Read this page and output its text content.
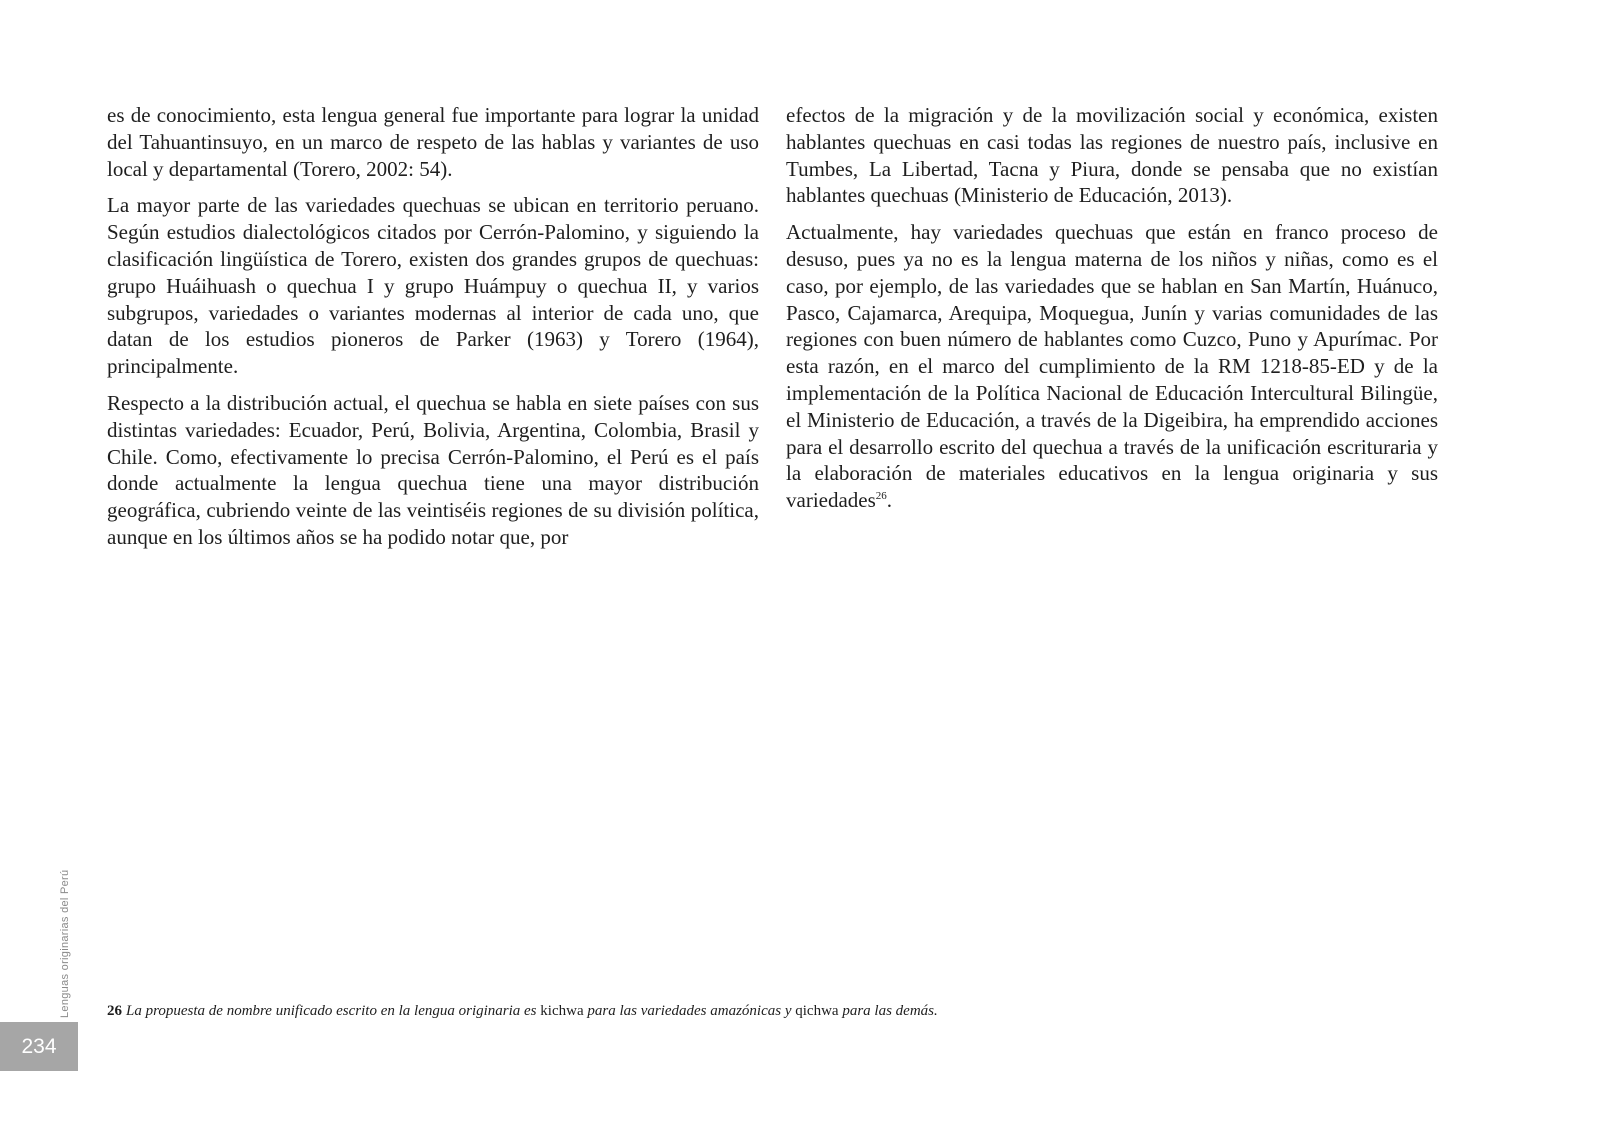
es de conocimiento, esta lengua general fue importante para lograr la unidad del Tahuantinsuyo, en un marco de respeto de las hablas y variantes de uso local y departamental (Torero, 2002: 54).

La mayor parte de las variedades quechuas se ubican en territorio peruano. Según estudios dialectológicos citados por Cerrón-Palomino, y siguiendo la clasificación lingüística de Torero, existen dos grandes grupos de quechuas: grupo Huáihuash o quechua I y grupo Huámpuy o quechua II, y varios subgrupos, variedades o variantes modernas al interior de cada uno, que datan de los estudios pioneros de Parker (1963) y Torero (1964), principalmente.

Respecto a la distribución actual, el quechua se habla en siete países con sus distintas variedades: Ecuador, Perú, Bolivia, Argentina, Colombia, Brasil y Chile. Como, efectivamente lo precisa Cerrón-Palomino, el Perú es el país donde actualmente la lengua quechua tiene una mayor distribución geográfica, cubriendo veinte de las veintiséis regiones de su división política, aunque en los últimos años se ha podido notar que, por

efectos de la migración y de la movilización social y económica, existen hablantes quechuas en casi todas las regiones de nuestro país, inclusive en Tumbes, La Libertad, Tacna y Piura, donde se pensaba que no existían hablantes quechuas (Ministerio de Educación, 2013).

Actualmente, hay variedades quechuas que están en franco proceso de desuso, pues ya no es la lengua materna de los niños y niñas, como es el caso, por ejemplo, de las variedades que se hablan en San Martín, Huánuco, Pasco, Cajamarca, Arequipa, Moquegua, Junín y varias comunidades de las regiones con buen número de hablantes como Cuzco, Puno y Apurímac. Por esta razón, en el marco del cumplimiento de la RM 1218-85-ED y de la implementación de la Política Nacional de Educación Intercultural Bilingüe, el Ministerio de Educación, a través de la Digeibira, ha emprendido acciones para el desarrollo escrito del quechua a través de la unificación escrituraria y la elaboración de materiales educativos en la lengua originaria y sus variedades$^{26}$.

26 La propuesta de nombre unificado escrito en la lengua originaria es kichwa para las variedades amazónicas y qichwa para las demás.
Lenguas originarias del Perú
234
